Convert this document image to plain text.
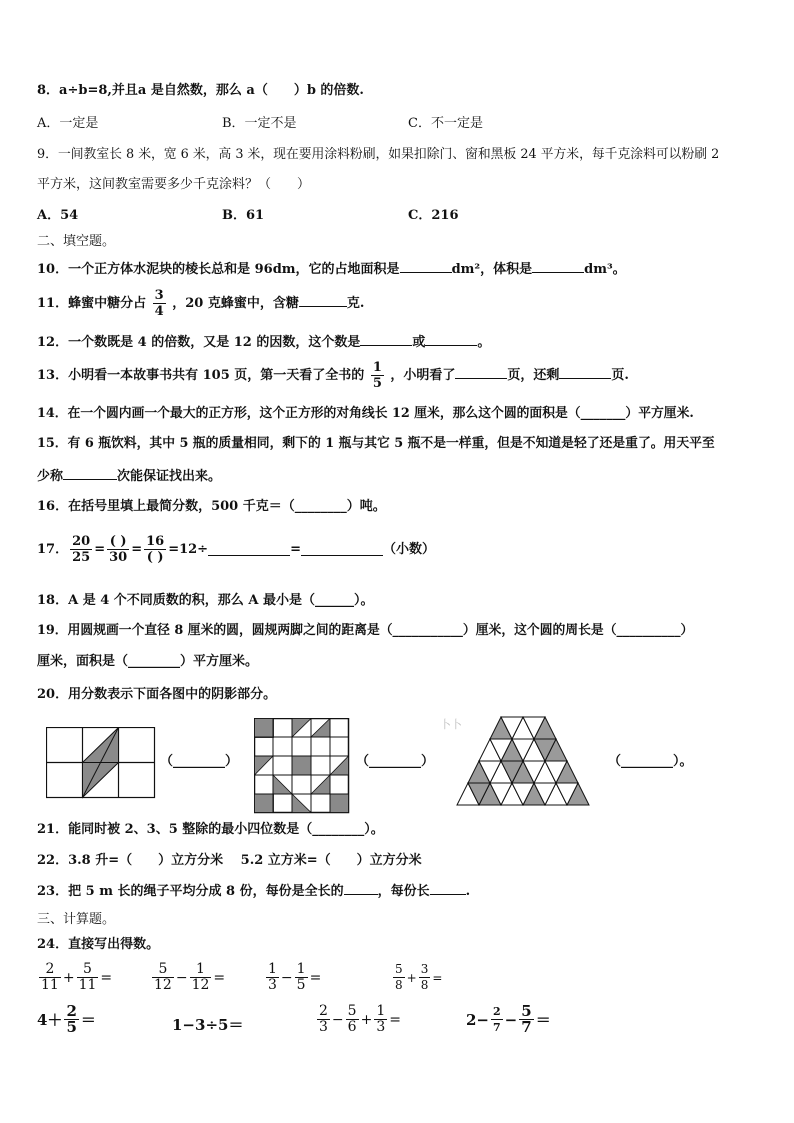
8．a÷b=8,并且a 是自然数，那么 a（　　）b 的倍数.
A．一定是	B．一定不是	C．不一定是
9．一间教室长 8 米，宽 6 米，高 3 米，现在要用涂料粉刷，如果扣除门、窗和黑板 24 平方米，每千克涂料可以粉刷 2
平方米，这间教室需要多少千克涂料？（　　）
A．54	B．61	C．216
二、填空题。
10．一个正方体水泥块的棱长总和是 96dm，它的占地面积是	dm²，体积是	dm³。
11．蜂蜜中糖分占 $\frac{3}{4}$ ，20 克蜂蜜中，含糖	克.
12．一个数既是 4 的倍数，又是 12 的因数，这个数是	或	。
13．小明看一本故事书共有 105 页，第一天看了全书的 $\frac{1}{5}$ ，小明看了	页，还剩	页.
14．在一个圆内画一个最大的正方形，这个正方形的对角线长 12 厘米，那么这个圆的面积是（_______）平方厘米.
15．有 6 瓶饮料，其中 5 瓶的质量相同，剩下的 1 瓶与其它 5 瓶不是一样重，但是不知道是轻了还是重了。用天平至
少称	次能保证找出来。
16．在括号里填上最简分数，500 千克＝（________）吨。
17． $\frac{20}{25} = \frac{( )}{30} = \frac{16}{( )} =12\div$	=	（小数）
18．A 是 4 个不同质数的积，那么 A 最小是（______）。
19．用圆规画一个直径 8 厘米的圆，圆规两脚之间的距离是（___________）厘米，这个圆的周长是（__________）
厘米，面积是（________）平方厘米。
20．用分数表示下面各图中的阴影部分。
（________）	（________）
卜卜
（________）。
21．能同时被 2、3、5 整除的最小四位数是（________）。
22．3.8 升=（　　）立方分米　 5.2 立方米=（　　）立方分米
23．把 5 m 长的绳子平均分成 8 份，每份是全长的	，每份长	.
三、计算题。
24．直接写出得数。
$\frac{2}{11} + \frac{5}{11}$ =	$\frac{5}{12} - \frac{1}{12}$ =	$\frac{1}{3} - \frac{1}{5}$ =	$\frac{5}{8} + \frac{3}{8}$ =
$4+ \frac{2}{5}$ ＝	1−3÷5＝	$\frac{2}{3} - \frac{5}{6} + \frac{1}{3}$ =	$2- \frac{2}{7} - \frac{5}{7}$ ＝
